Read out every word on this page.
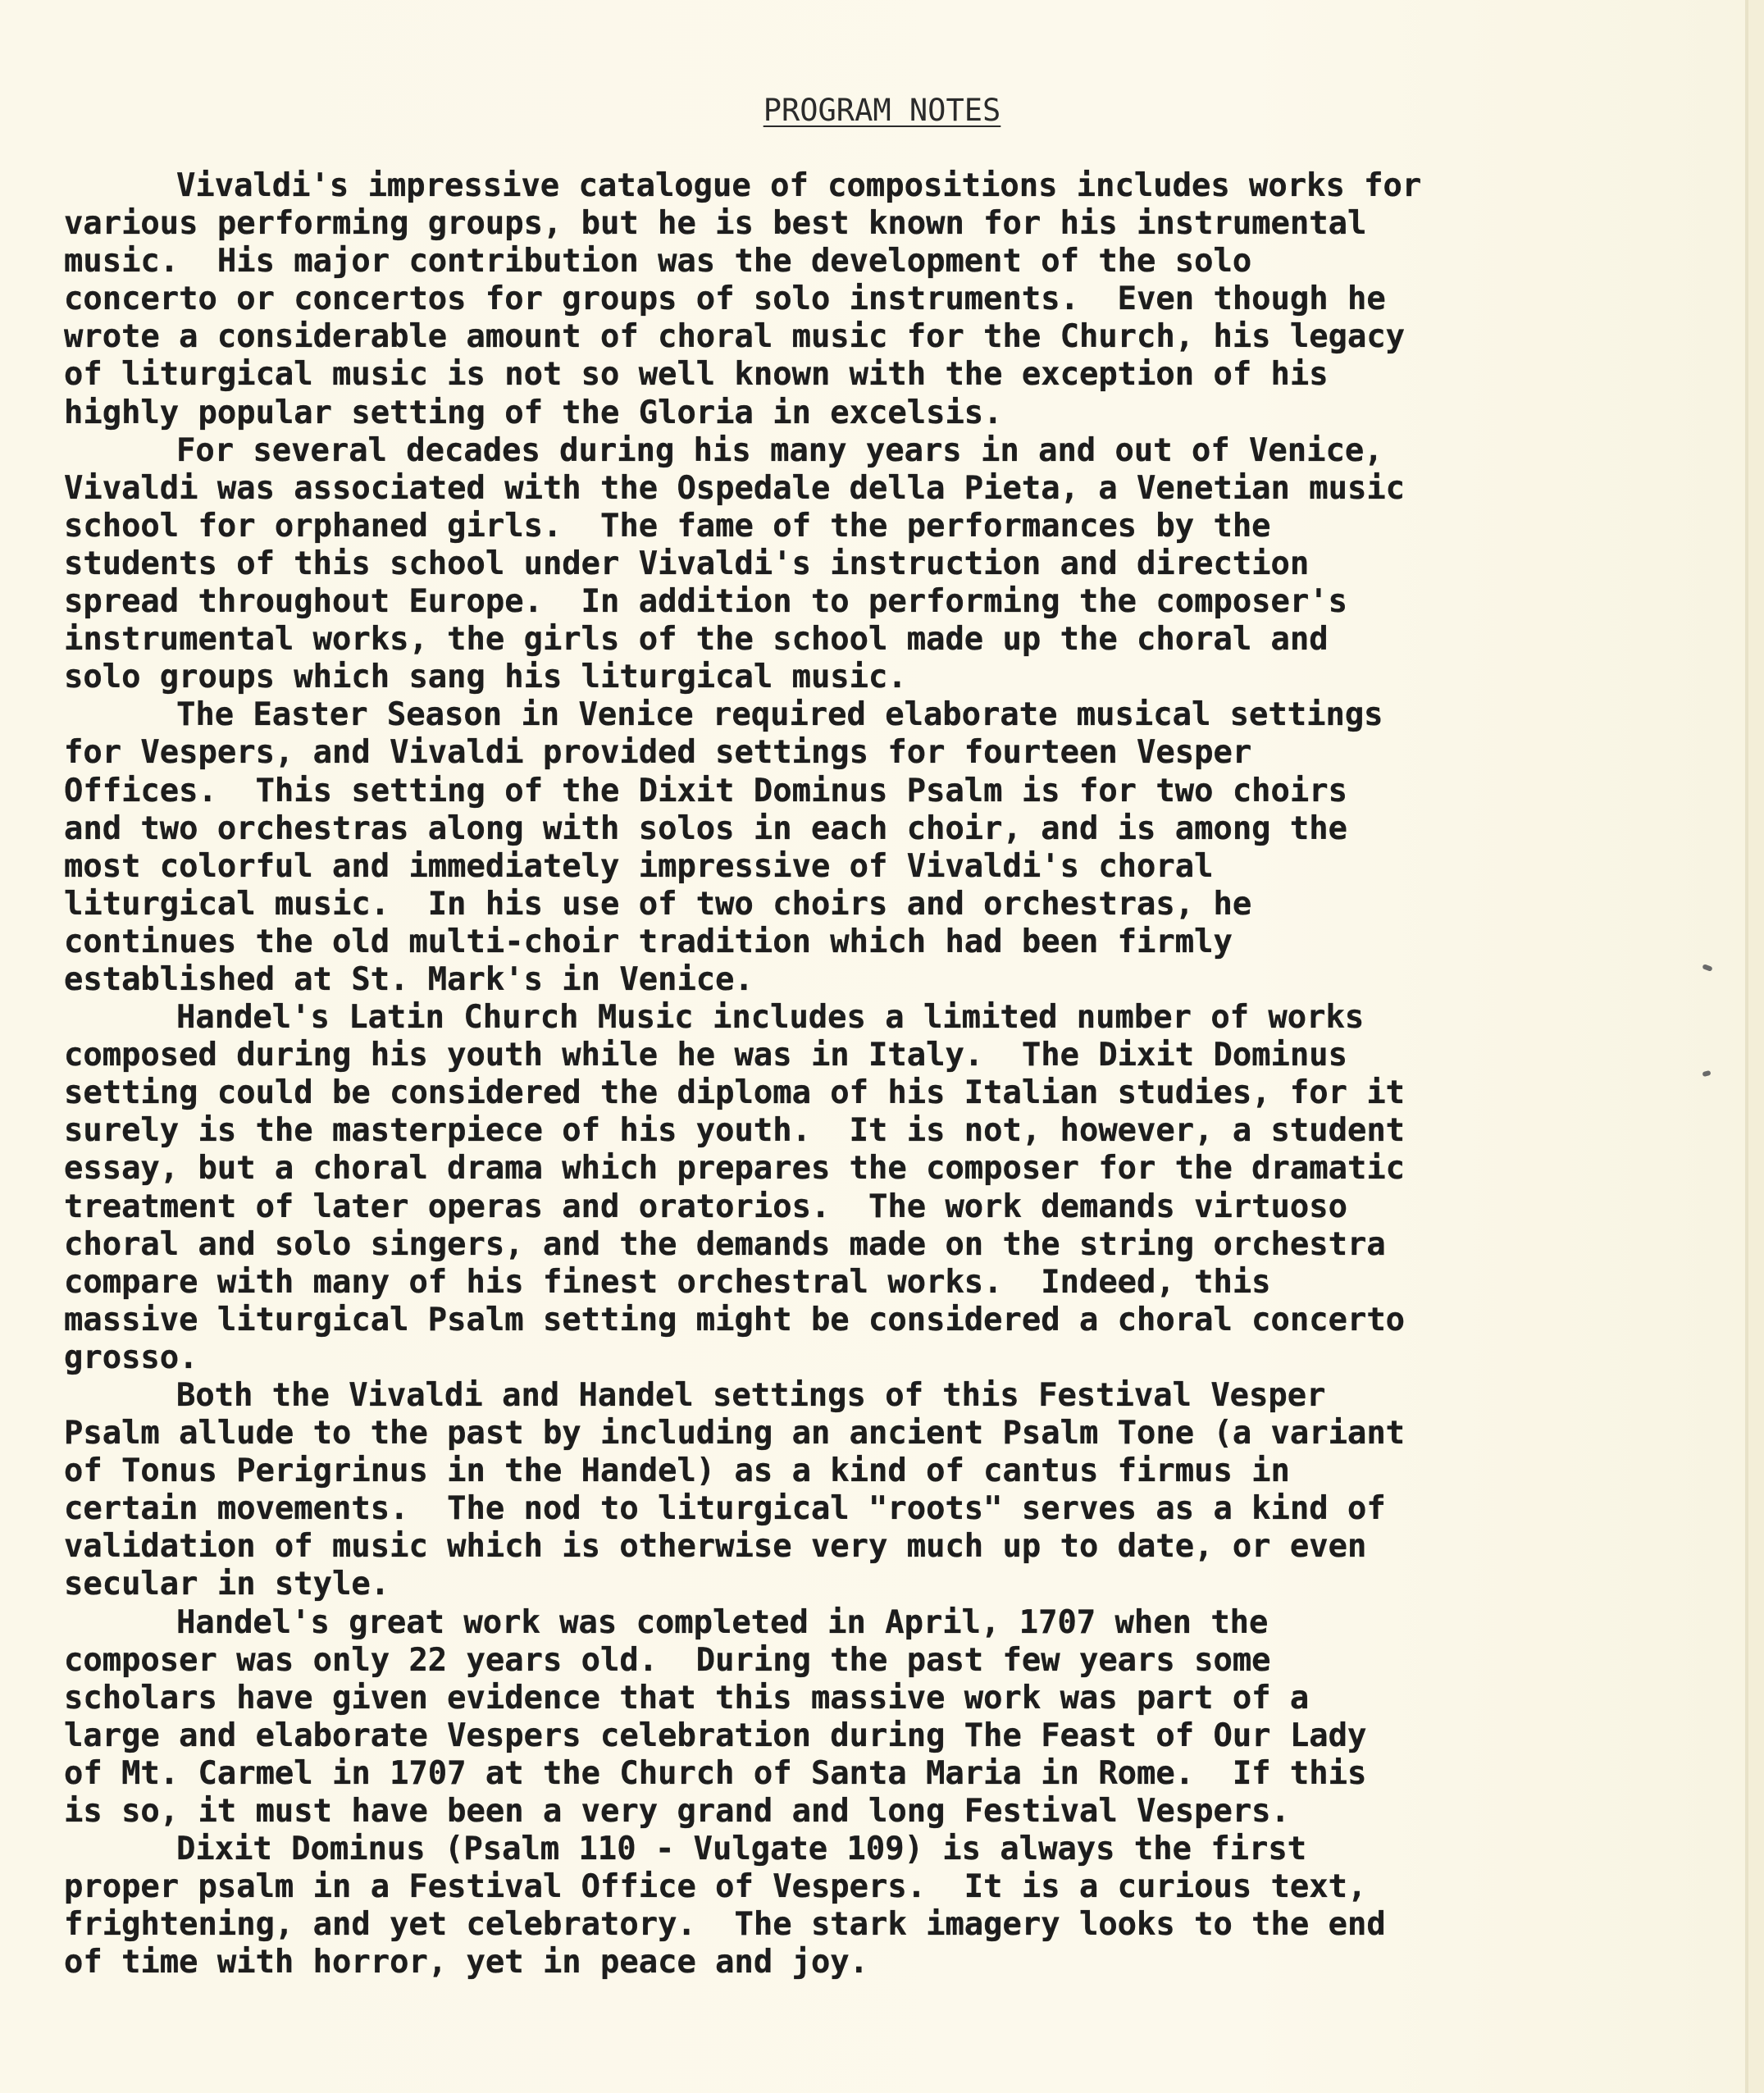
PROGRAM NOTES
Vivaldi's impressive catalogue of compositions includes works for
various performing groups, but he is best known for his instrumental
music.  His major contribution was the development of the solo
concerto or concertos for groups of solo instruments.  Even though he
wrote a considerable amount of choral music for the Church, his legacy
of liturgical music is not so well known with the exception of his
highly popular setting of the Gloria in excelsis.
For several decades during his many years in and out of Venice,
Vivaldi was associated with the Ospedale della Pieta, a Venetian music
school for orphaned girls.  The fame of the performances by the
students of this school under Vivaldi's instruction and direction
spread throughout Europe.  In addition to performing the composer's
instrumental works, the girls of the school made up the choral and
solo groups which sang his liturgical music.
The Easter Season in Venice required elaborate musical settings
for Vespers, and Vivaldi provided settings for fourteen Vesper
Offices.  This setting of the Dixit Dominus Psalm is for two choirs
and two orchestras along with solos in each choir, and is among the
most colorful and immediately impressive of Vivaldi's choral
liturgical music.  In his use of two choirs and orchestras, he
continues the old multi-choir tradition which had been firmly
established at St. Mark's in Venice.
Handel's Latin Church Music includes a limited number of works
composed during his youth while he was in Italy.  The Dixit Dominus
setting could be considered the diploma of his Italian studies, for it
surely is the masterpiece of his youth.  It is not, however, a student
essay, but a choral drama which prepares the composer for the dramatic
treatment of later operas and oratorios.  The work demands virtuoso
choral and solo singers, and the demands made on the string orchestra
compare with many of his finest orchestral works.  Indeed, this
massive liturgical Psalm setting might be considered a choral concerto
grosso.
Both the Vivaldi and Handel settings of this Festival Vesper
Psalm allude to the past by including an ancient Psalm Tone (a variant
of Tonus Perigrinus in the Handel) as a kind of cantus firmus in
certain movements.  The nod to liturgical "roots" serves as a kind of
validation of music which is otherwise very much up to date, or even
secular in style.
Handel's great work was completed in April, 1707 when the
composer was only 22 years old.  During the past few years some
scholars have given evidence that this massive work was part of a
large and elaborate Vespers celebration during The Feast of Our Lady
of Mt. Carmel in 1707 at the Church of Santa Maria in Rome.  If this
is so, it must have been a very grand and long Festival Vespers.
Dixit Dominus (Psalm 110 - Vulgate 109) is always the first
proper psalm in a Festival Office of Vespers.  It is a curious text,
frightening, and yet celebratory.  The stark imagery looks to the end
of time with horror, yet in peace and joy.
